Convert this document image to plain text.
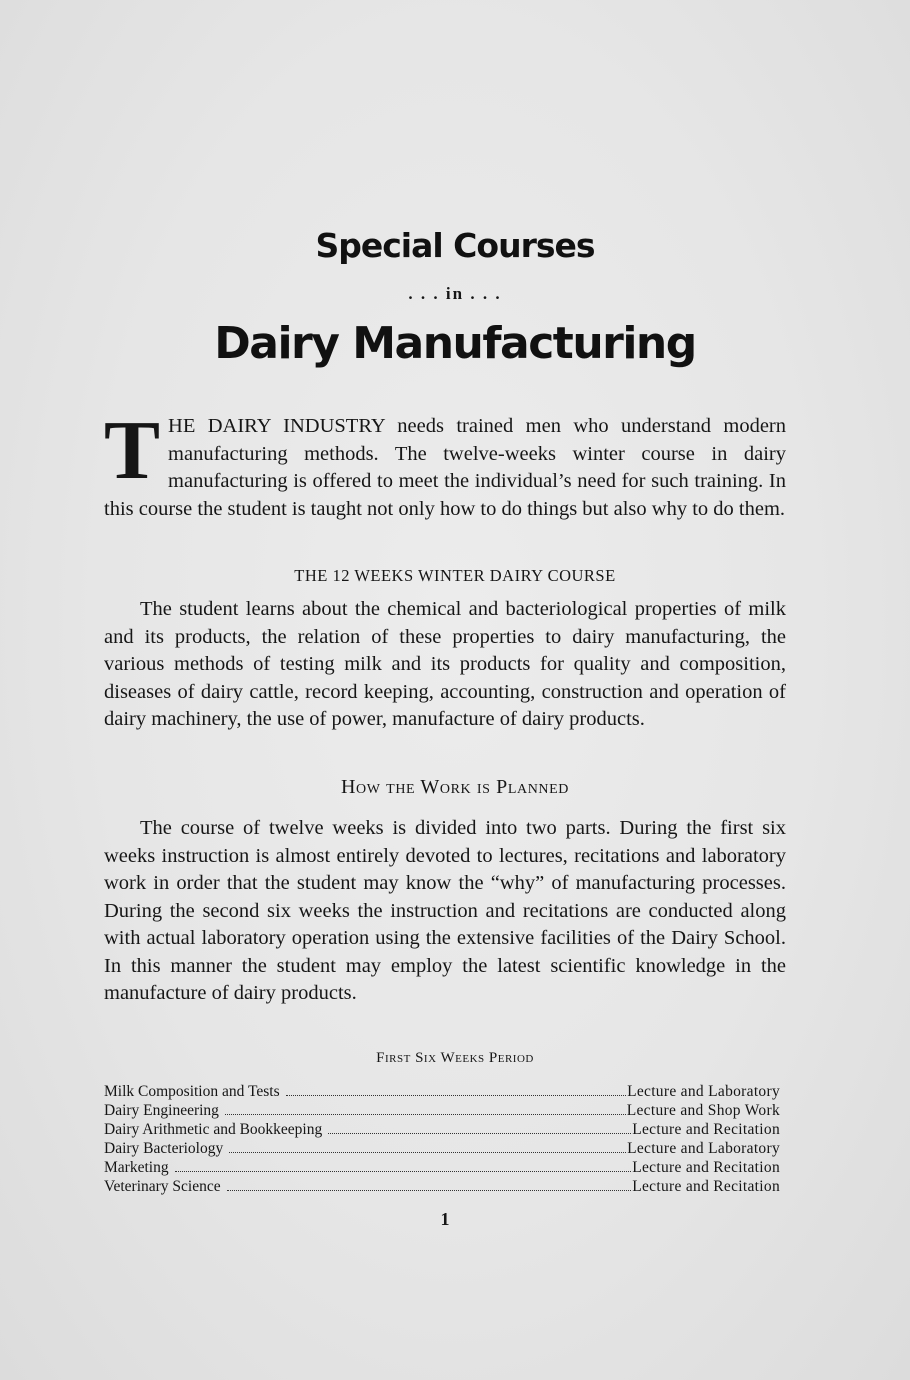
Special Courses
. . . in . . .
Dairy Manufacturing
THE DAIRY INDUSTRY needs trained men who understand modern manufacturing methods. The twelve-weeks winter course in dairy manufacturing is offered to meet the individual’s need for such training. In this course the student is taught not only how to do things but also why to do them.
THE 12 WEEKS WINTER DAIRY COURSE
The student learns about the chemical and bacteriological properties of milk and its products, the relation of these properties to dairy manufacturing, the various methods of testing milk and its products for quality and composition, diseases of dairy cattle, record keeping, accounting, construction and operation of dairy machinery, the use of power, manufacture of dairy products.
How the Work is Planned
The course of twelve weeks is divided into two parts. During the first six weeks instruction is almost entirely devoted to lectures, recitations and laboratory work in order that the student may know the “why” of manufacturing processes. During the second six weeks the instruction and recitations are conducted along with actual laboratory operation using the extensive facilities of the Dairy School. In this manner the student may employ the latest scientific knowledge in the manufacture of dairy products.
First Six Weeks Period
Milk Composition and Tests	Lecture and Laboratory
Dairy Engineering	Lecture and Shop Work
Dairy Arithmetic and Bookkeeping	Lecture and Recitation
Dairy Bacteriology	Lecture and Laboratory
Marketing	Lecture and Recitation
Veterinary Science	Lecture and Recitation
1
